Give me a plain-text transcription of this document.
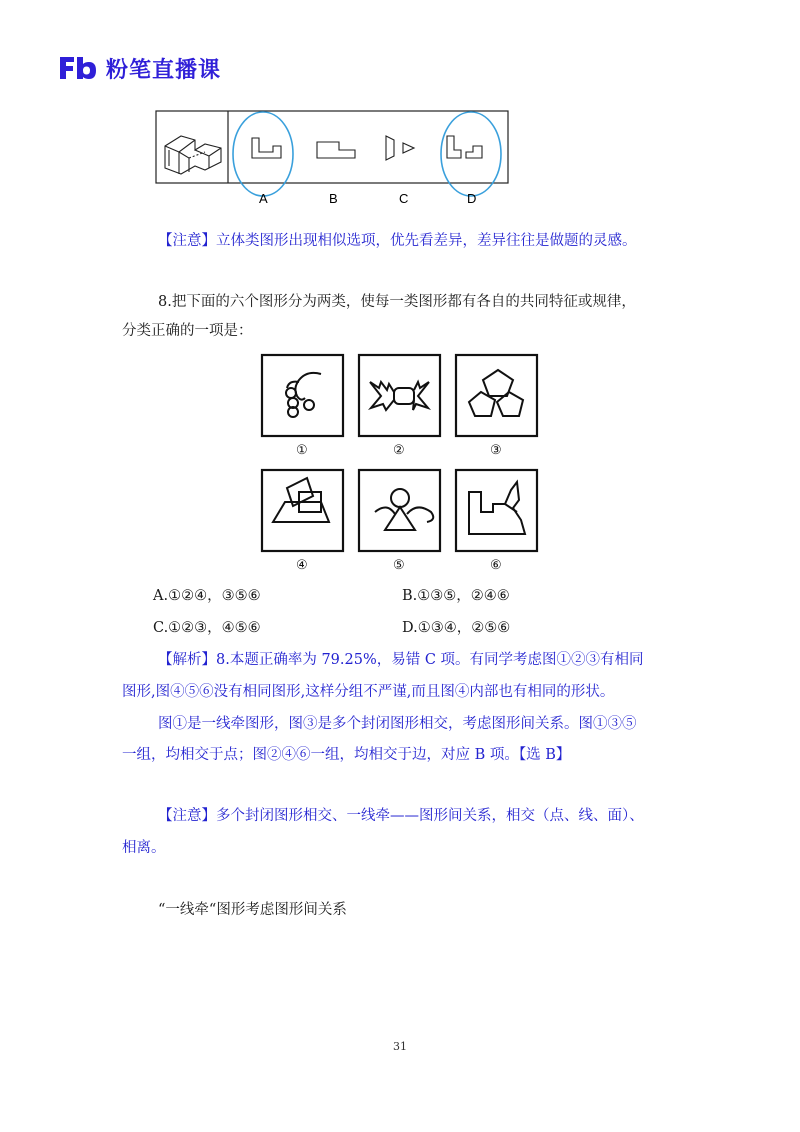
粉笔直播课
A	B	C	D
【注意】立体类图形出现相似选项，优先看差异，差异往往是做题的灵感。
8.把下面的六个图形分为两类，使每一类图形都有各自的共同特征或规律，
分类正确的一项是：
①	②	③
④	⑤	⑥
A.①②④，③⑤⑥	B.①③⑤，②④⑥
C.①②③，④⑤⑥	D.①③④，②⑤⑥
【解析】8.本题正确率为 79.25%，易错 C 项。有同学考虑图①②③有相同
图形,图④⑤⑥没有相同图形,这样分组不严谨,而且图④内部也有相同的形状。
图①是一线牵图形，图③是多个封闭图形相交，考虑图形间关系。图①③⑤
一组，均相交于点；图②④⑥一组，均相交于边，对应 B 项。【选 B】
【注意】多个封闭图形相交、一线牵——图形间关系，相交（点、线、面）、
相离。
“一线牵“图形考虑图形间关系
31
